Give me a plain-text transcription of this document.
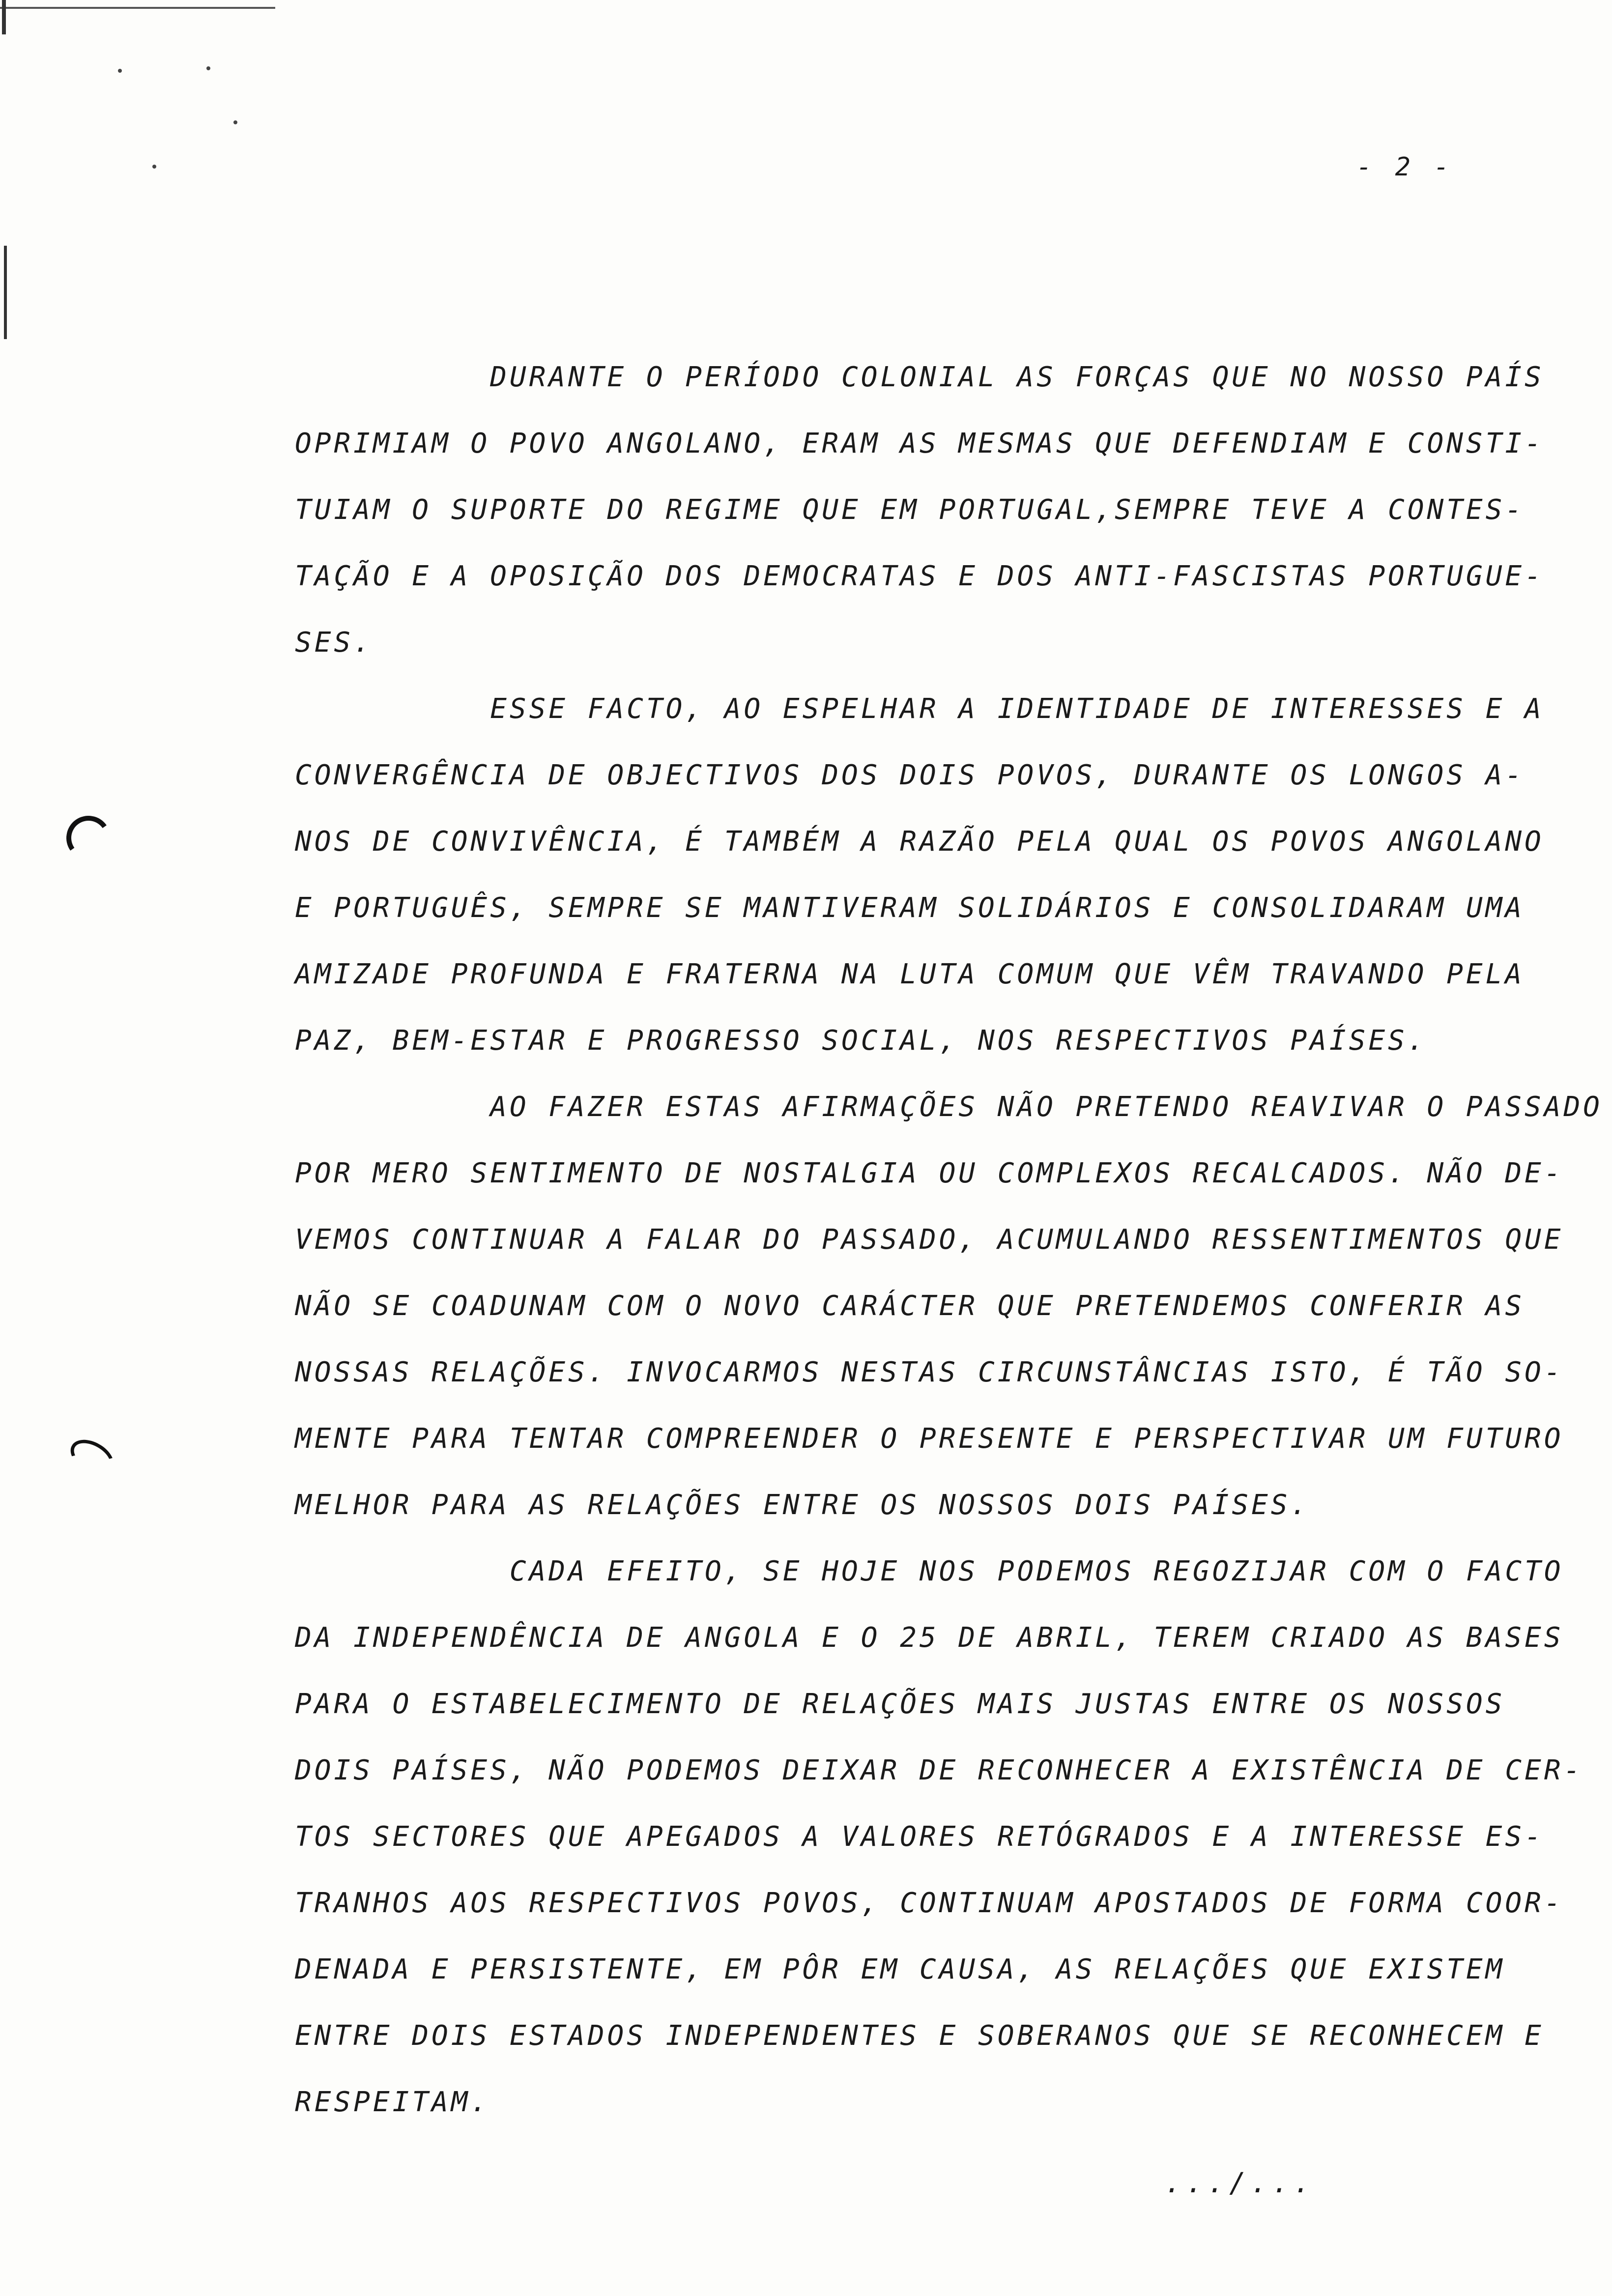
- 2 -
DURANTE O PERÍODO COLONIAL AS FORÇAS QUE NO NOSSO PAÍS
OPRIMIAM O POVO ANGOLANO, ERAM AS MESMAS QUE DEFENDIAM E CONSTI-
TUIAM O SUPORTE DO REGIME QUE EM PORTUGAL,SEMPRE TEVE A CONTES-
TAÇÃO E A OPOSIÇÃO DOS DEMOCRATAS E DOS ANTI-FASCISTAS PORTUGUE-
SES.
ESSE FACTO, AO ESPELHAR A IDENTIDADE DE INTERESSES E A
CONVERGÊNCIA DE OBJECTIVOS DOS DOIS POVOS, DURANTE OS LONGOS A-
NOS DE CONVIVÊNCIA, É TAMBÉM A RAZÃO PELA QUAL OS POVOS ANGOLANO
E PORTUGUÊS, SEMPRE SE MANTIVERAM SOLIDÁRIOS E CONSOLIDARAM UMA
AMIZADE PROFUNDA E FRATERNA NA LUTA COMUM QUE VÊM TRAVANDO PELA
PAZ, BEM-ESTAR E PROGRESSO SOCIAL, NOS RESPECTIVOS PAÍSES.
AO FAZER ESTAS AFIRMAÇÕES NÃO PRETENDO REAVIVAR O PASSADO
POR MERO SENTIMENTO DE NOSTALGIA OU COMPLEXOS RECALCADOS. NÃO DE-
VEMOS CONTINUAR A FALAR DO PASSADO, ACUMULANDO RESSENTIMENTOS QUE
NÃO SE COADUNAM COM O NOVO CARÁCTER QUE PRETENDEMOS CONFERIR AS
NOSSAS RELAÇÕES. INVOCARMOS NESTAS CIRCUNSTÂNCIAS ISTO, É TÃO SO-
MENTE PARA TENTAR COMPREENDER O PRESENTE E PERSPECTIVAR UM FUTURO
MELHOR PARA AS RELAÇÕES ENTRE OS NOSSOS DOIS PAÍSES.
CADA EFEITO, SE HOJE NOS PODEMOS REGOZIJAR COM O FACTO
DA INDEPENDÊNCIA DE ANGOLA E O 25 DE ABRIL, TEREM CRIADO AS BASES
PARA O ESTABELECIMENTO DE RELAÇÕES MAIS JUSTAS ENTRE OS NOSSOS
DOIS PAÍSES, NÃO PODEMOS DEIXAR DE RECONHECER A EXISTÊNCIA DE CER-
TOS SECTORES QUE APEGADOS A VALORES RETÓGRADOS E A INTERESSE ES-
TRANHOS AOS RESPECTIVOS POVOS, CONTINUAM APOSTADOS DE FORMA COOR-
DENADA E PERSISTENTE, EM PÔR EM CAUSA, AS RELAÇÕES QUE EXISTEM
ENTRE DOIS ESTADOS INDEPENDENTES E SOBERANOS QUE SE RECONHECEM E
RESPEITAM.
.../...
